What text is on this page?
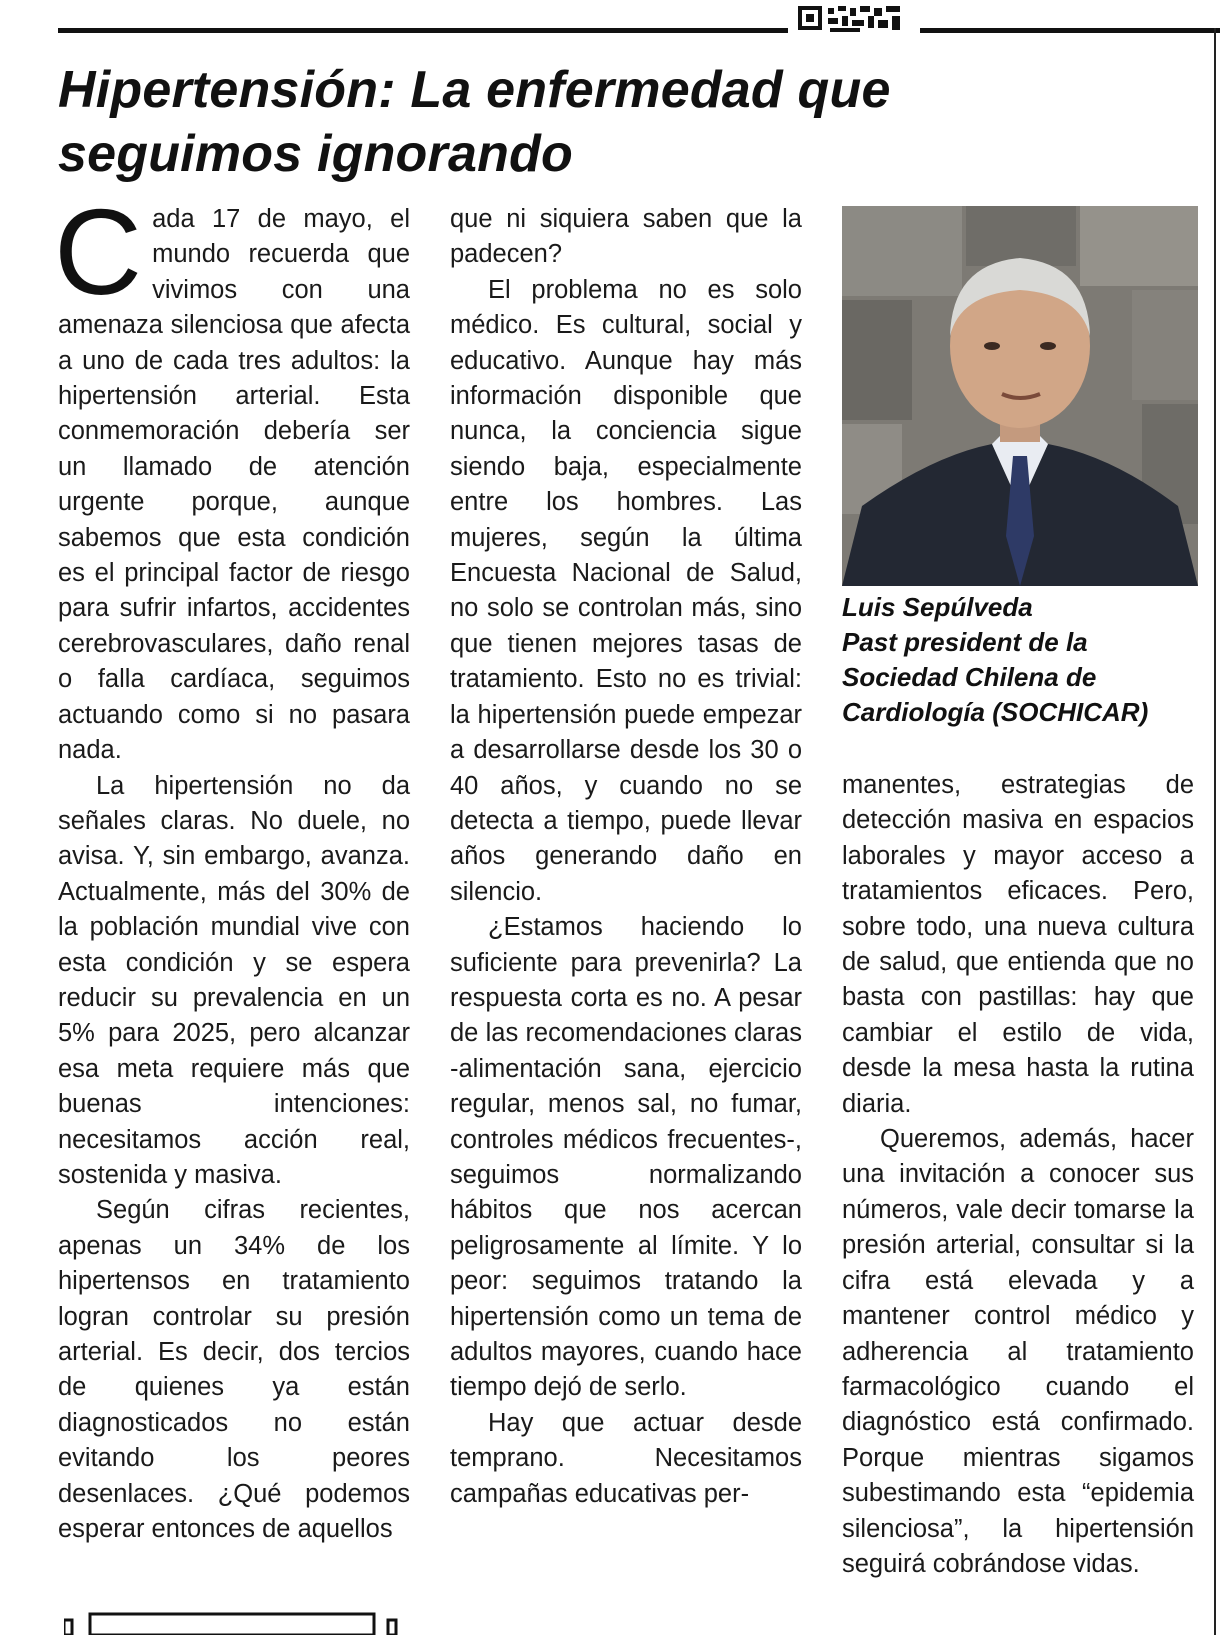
Hipertensión: La enfermedad que seguimos ignorando

Cada 17 de mayo, el mundo recuerda que vivimos con una amenaza silenciosa que afecta a uno de cada tres adultos: la hipertensión arterial. Esta conmemoración debería ser un llamado de atención urgente porque, aunque sabemos que esta condición es el principal factor de riesgo para sufrir infartos, accidentes cerebrovasculares, daño renal o falla cardíaca, seguimos actuando como si no pasara nada.

La hipertensión no da señales claras. No duele, no avisa. Y, sin embargo, avanza. Actualmente, más del 30% de la población mundial vive con esta condición y se espera reducir su prevalencia en un 5% para 2025, pero alcanzar esa meta requiere más que buenas intenciones: necesitamos acción real, sostenida y masiva.

Según cifras recientes, apenas un 34% de los hipertensos en tratamiento logran controlar su presión arterial. Es decir, dos tercios de quienes ya están diagnosticados no están evitando los peores desenlaces. ¿Qué podemos esperar entonces de aquellos

que ni siquiera saben que la padecen?

El problema no es solo médico. Es cultural, social y educativo. Aunque hay más información disponible que nunca, la conciencia sigue siendo baja, especialmente entre los hombres. Las mujeres, según la última Encuesta Nacional de Salud, no solo se controlan más, sino que tienen mejores tasas de tratamiento. Esto no es trivial: la hipertensión puede empezar a desarrollarse desde los 30 o 40 años, y cuando no se detecta a tiempo, puede llevar años generando daño en silencio.

¿Estamos haciendo lo suficiente para prevenirla? La respuesta corta es no. A pesar de las recomendaciones claras -alimentación sana, ejercicio regular, menos sal, no fumar, controles médicos frecuentes-, seguimos normalizando hábitos que nos acercan peligrosamente al límite. Y lo peor: seguimos tratando la hipertensión como un tema de adultos mayores, cuando hace tiempo dejó de serlo.

Hay que actuar desde temprano. Necesitamos campañas educativas per-

Luis Sepúlveda
Past president de la
Sociedad Chilena de
Cardiología (SOCHICAR)

manentes, estrategias de detección masiva en espacios laborales y mayor acceso a tratamientos eficaces. Pero, sobre todo, una nueva cultura de salud, que entienda que no basta con pastillas: hay que cambiar el estilo de vida, desde la mesa hasta la rutina diaria.

Queremos, además, hacer una invitación a conocer sus números, vale decir tomarse la presión arterial, consultar si la cifra está elevada y a mantener control médico y adherencia al tratamiento farmacológico cuando el diagnóstico está confirmado. Porque mientras sigamos subestimando esta “epidemia silenciosa”, la hipertensión seguirá cobrándose vidas.
